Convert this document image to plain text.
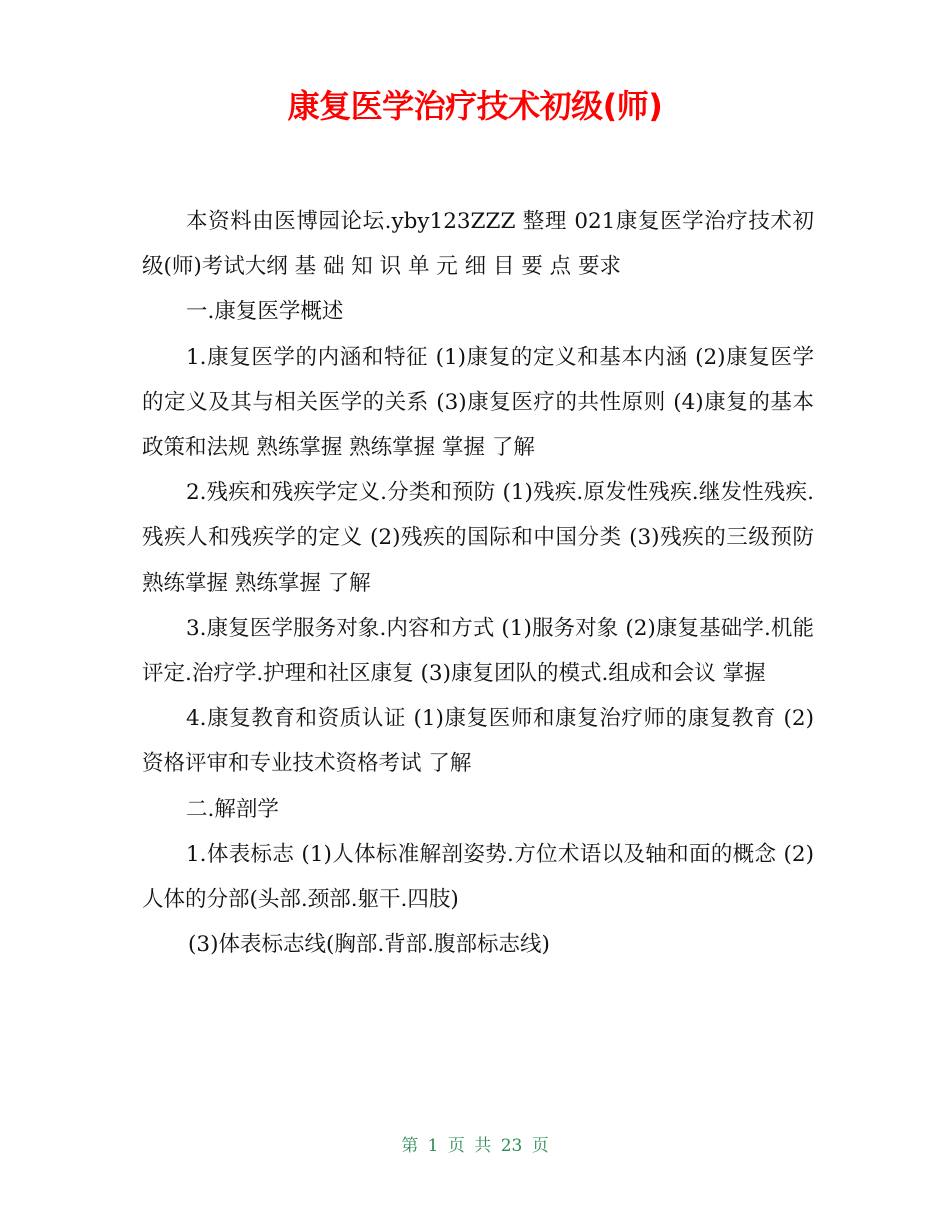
康复医学治疗技术初级(师)

本资料由医博园论坛.yby123ZZZ 整理 021康复医学治疗技术初级(师)考试大纲 基 础 知 识 单 元 细 目 要 点 要求

一.康复医学概述

1.康复医学的内涵和特征 (1)康复的定义和基本内涵 (2)康复医学的定义及其与相关医学的关系 (3)康复医疗的共性原则 (4)康复的基本政策和法规 熟练掌握 熟练掌握 掌握 了解

2.残疾和残疾学定义.分类和预防 (1)残疾.原发性残疾.继发性残疾.残疾人和残疾学的定义 (2)残疾的国际和中国分类 (3)残疾的三级预防 熟练掌握 熟练掌握 了解

3.康复医学服务对象.内容和方式 (1)服务对象 (2)康复基础学.机能评定.治疗学.护理和社区康复 (3)康复团队的模式.组成和会议 掌握

4.康复教育和资质认证 (1)康复医师和康复治疗师的康复教育 (2)资格评审和专业技术资格考试 了解

二.解剖学

1.体表标志 (1)人体标准解剖姿势.方位术语以及轴和面的概念 (2)人体的分部(头部.颈部.躯干.四肢)

(3)体表标志线(胸部.背部.腹部标志线)

第 1 页 共 23 页
